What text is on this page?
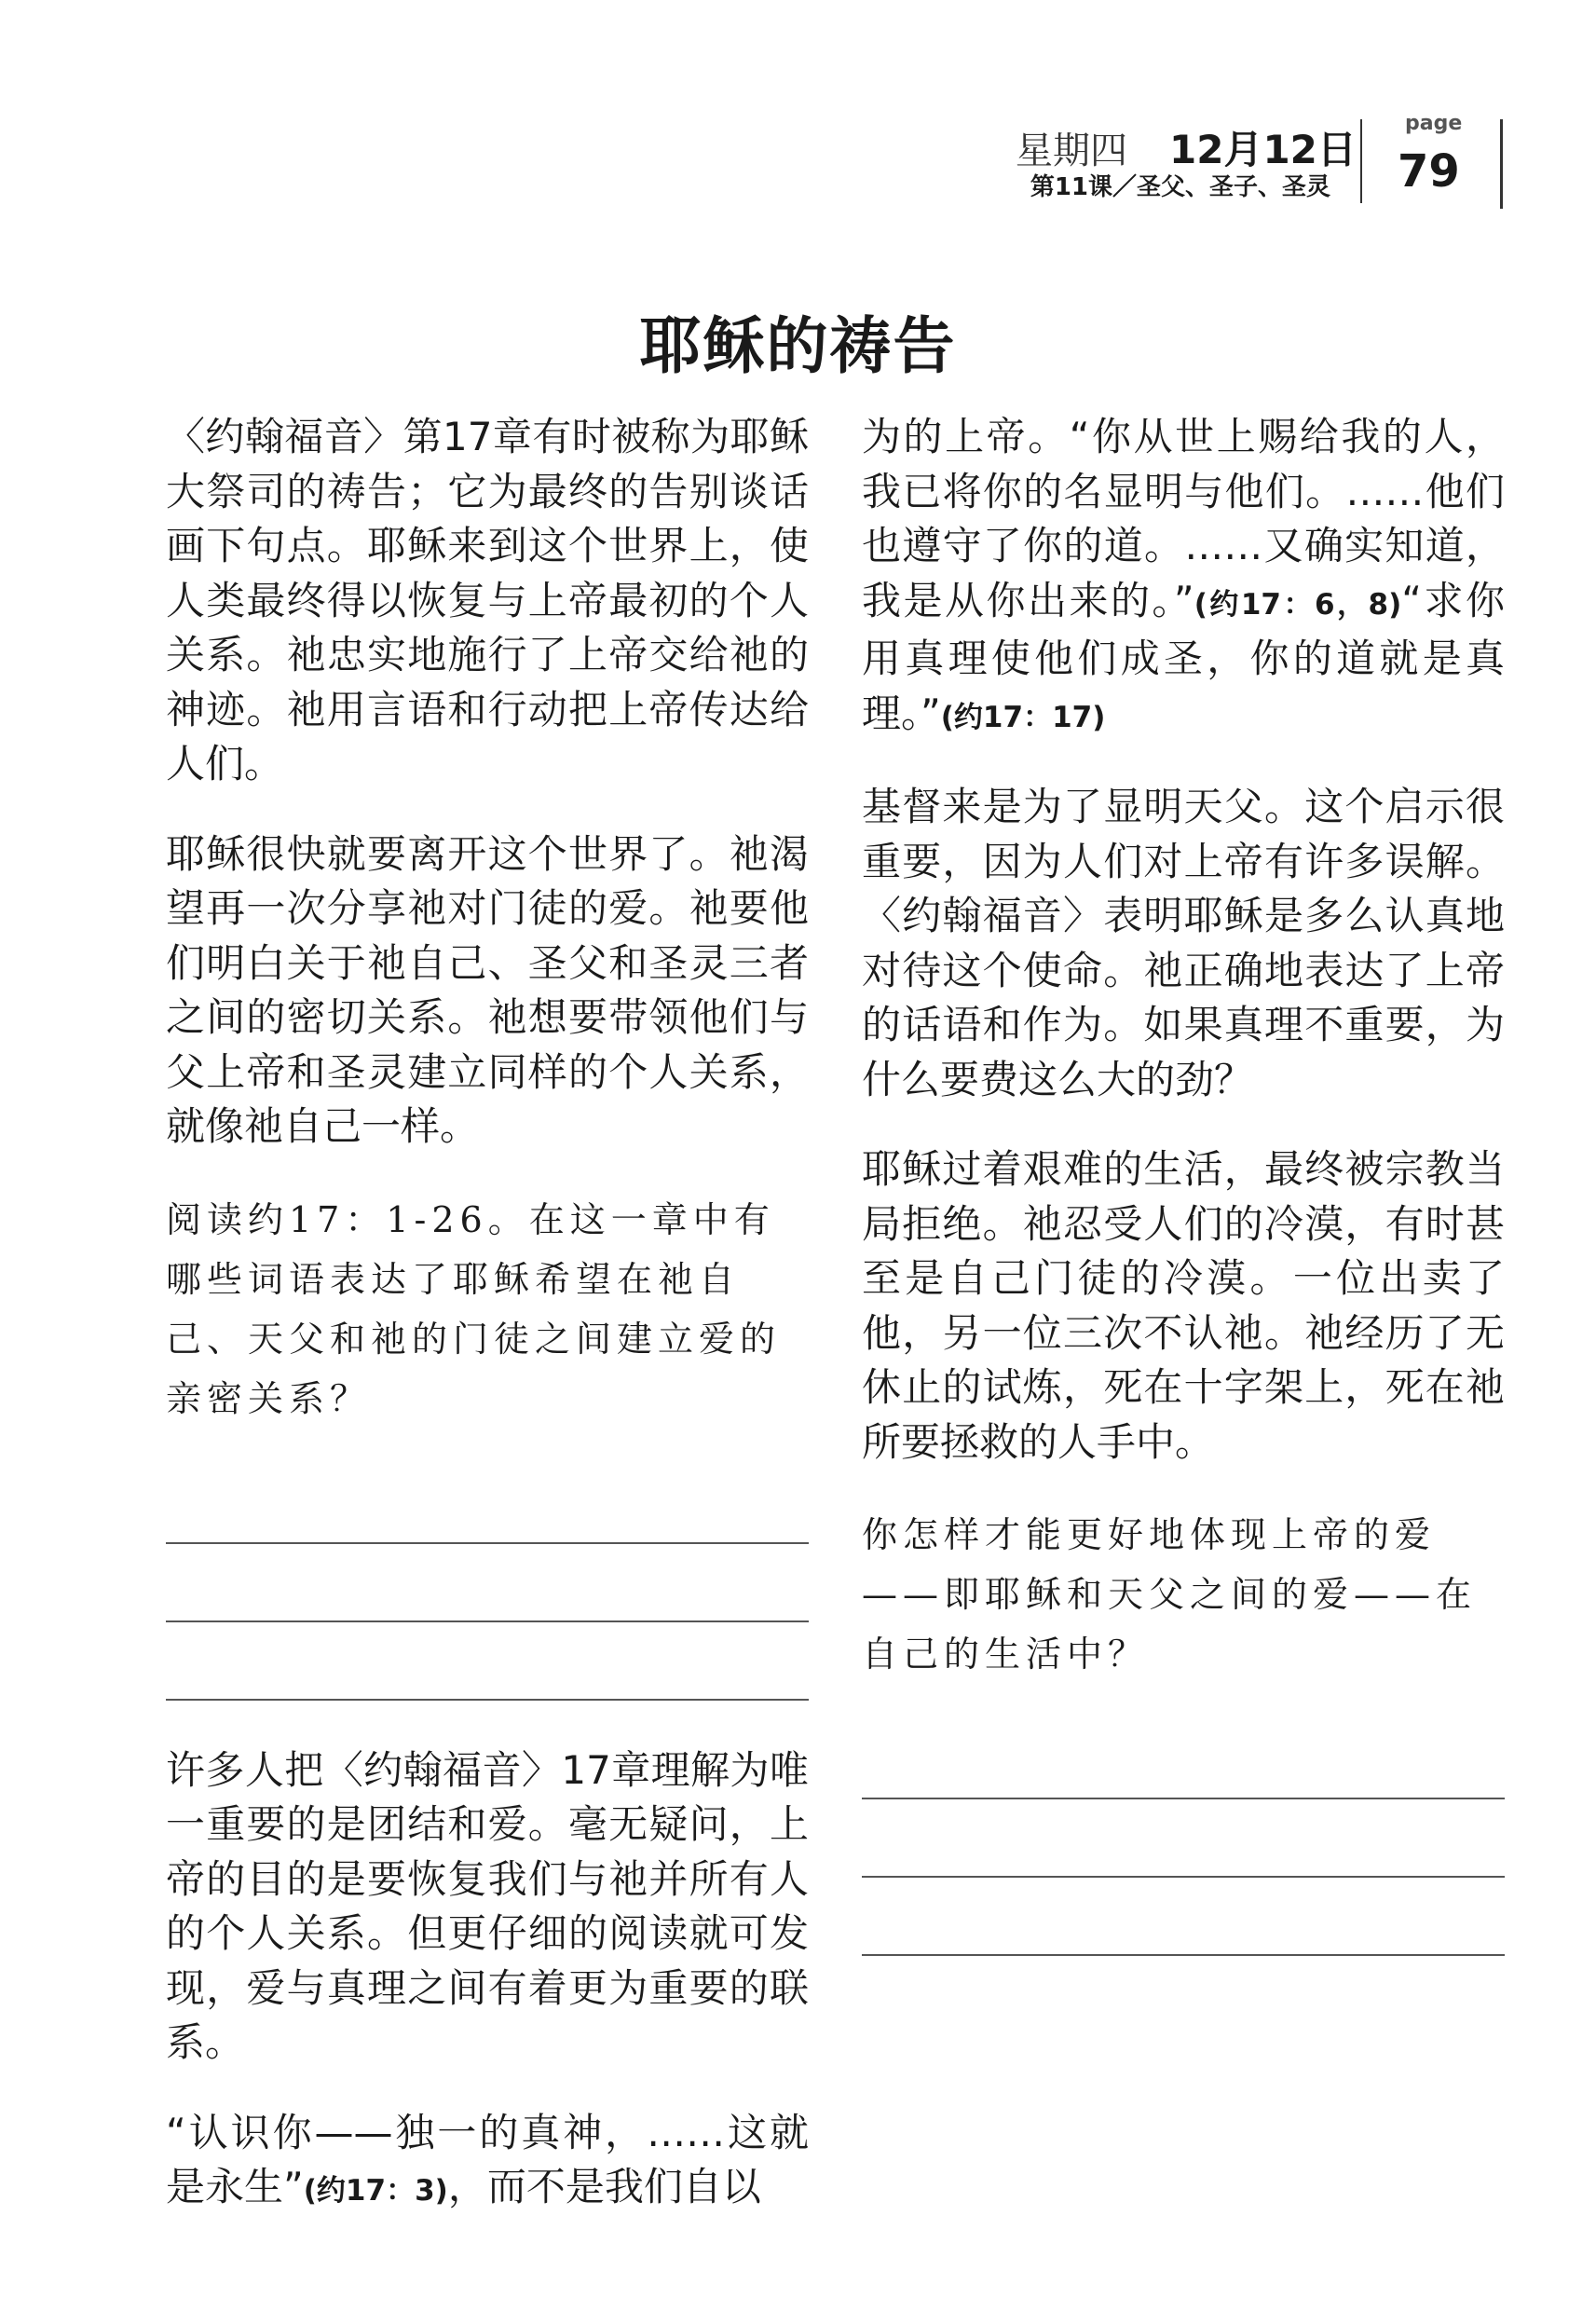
星期四 12月12日
第11课／圣父、圣子、圣灵
page
79
耶稣的祷告

〈约翰福音〉第17章有时被称为耶稣大祭司的祷告；它为最终的告别谈话画下句点。耶稣来到这个世界上，使人类最终得以恢复与上帝最初的个人关系。祂忠实地施行了上帝交给祂的神迹。祂用言语和行动把上帝传达给人们。

耶稣很快就要离开这个世界了。祂渴望再一次分享祂对门徒的爱。祂要他们明白关于祂自己、圣父和圣灵三者之间的密切关系。祂想要带领他们与父上帝和圣灵建立同样的个人关系，就像祂自己一样。

阅读约17：1-26。在这一章中有哪些词语表达了耶稣希望在祂自己、天父和祂的门徒之间建立爱的亲密关系？

许多人把〈约翰福音〉17章理解为唯一重要的是团结和爱。毫无疑问，上帝的目的是要恢复我们与祂并所有人的个人关系。但更仔细的阅读就可发现，爱与真理之间有着更为重要的联系。

“认识你——独一的真神，……这就是永生”(约17：3)，而不是我们自以

为的上帝。“你从世上赐给我的人，我已将你的名显明与他们。……他们也遵守了你的道。……又确实知道，我是从你出来的。”(约17：6，8)“求你用真理使他们成圣，你的道就是真理。”(约17：17)

基督来是为了显明天父。这个启示很重要，因为人们对上帝有许多误解。〈约翰福音〉表明耶稣是多么认真地对待这个使命。祂正确地表达了上帝的话语和作为。如果真理不重要，为什么要费这么大的劲？

耶稣过着艰难的生活，最终被宗教当局拒绝。祂忍受人们的冷漠，有时甚至是自己门徒的冷漠。一位出卖了他，另一位三次不认祂。祂经历了无休止的试炼，死在十字架上，死在祂所要拯救的人手中。

你怎样才能更好地体现上帝的爱——即耶稣和天父之间的爱——在自己的生活中？
